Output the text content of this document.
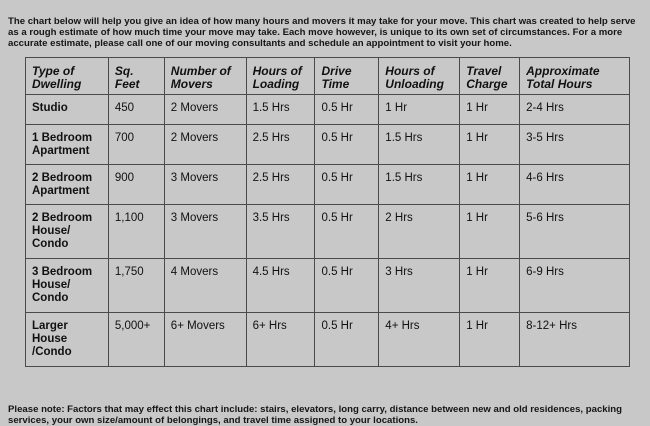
The chart below will help you give an idea of how many hours and movers it may take for your move. This chart was created to help serve as a rough estimate of how much time your move may take. Each move however, is unique to its own set of circumstances. For a more accurate estimate, please call one of our moving consultants and schedule an appointment to visit your home.

Type of Dwelling	Sq. Feet	Number of Movers	Hours of Loading	Drive Time	Hours of Unloading	Travel Charge	Approximate Total Hours
Studio	450	2 Movers	1.5 Hrs	0.5 Hr	1 Hr	1 Hr	2-4 Hrs
1 Bedroom Apartment	700	2 Movers	2.5 Hrs	0.5 Hr	1.5 Hrs	1 Hr	3-5 Hrs
2 Bedroom Apartment	900	3 Movers	2.5 Hrs	0.5 Hr	1.5 Hrs	1 Hr	4-6 Hrs
2 Bedroom House/ Condo	1,100	3 Movers	3.5 Hrs	0.5 Hr	2 Hrs	1 Hr	5-6 Hrs
3 Bedroom House/ Condo	1,750	4 Movers	4.5 Hrs	0.5 Hr	3 Hrs	1 Hr	6-9 Hrs
Larger House /Condo	5,000+	6+ Movers	6+ Hrs	0.5 Hr	4+ Hrs	1 Hr	8-12+ Hrs

Please note: Factors that may effect this chart include: stairs, elevators, long carry, distance between new and old residences, packing services, your own size/amount of belongings, and travel time assigned to your locations.
